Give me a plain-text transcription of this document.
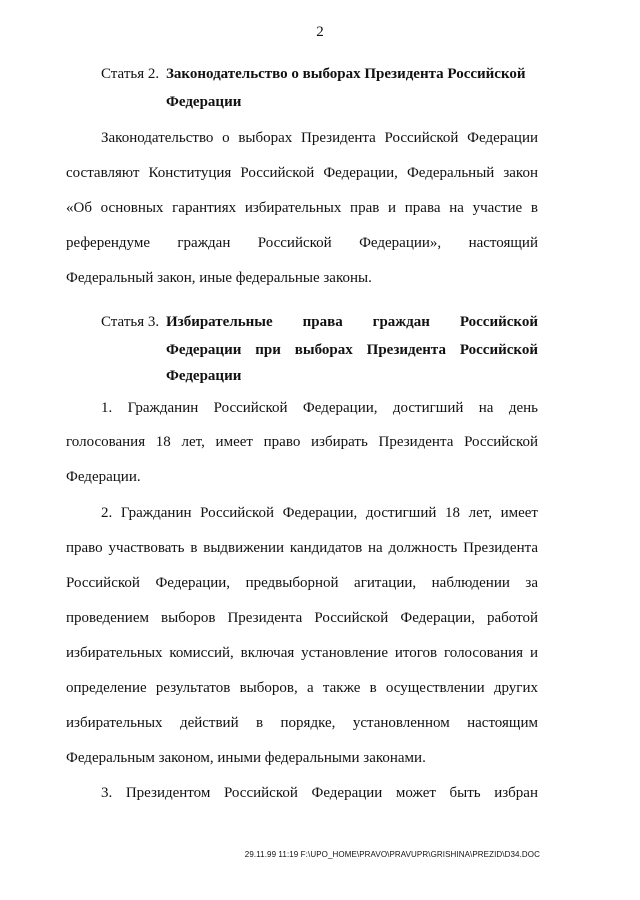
2
Статья 2. Законодательство о выборах Президента Российской
Федерации
Законодательство о выборах Президента Российской Федерации
составляют Конституция Российской Федерации, Федеральный закон
«Об основных гарантиях избирательных прав и права на участие в
референдуме граждан Российской Федерации», настоящий
Федеральный закон, иные федеральные законы.
Статья 3. Избирательные права граждан Российской
Федерации при выборах Президента Российской
Федерации
1. Гражданин Российской Федерации, достигший на день
голосования 18 лет, имеет право избирать Президента Российской
Федерации.
2. Гражданин Российской Федерации, достигший 18 лет, имеет
право участвовать в выдвижении кандидатов на должность Президента
Российской Федерации, предвыборной агитации, наблюдении за
проведением выборов Президента Российской Федерации, работой
избирательных комиссий, включая установление итогов голосования и
определение результатов выборов, а также в осуществлении других
избирательных действий в порядке, установленном настоящим
Федеральным законом, иными федеральными законами.
3. Президентом Российской Федерации может быть избран
29.11.99 11:19 F:\UPO_HOME\PRAVO\PRAVUPR\GRISHINA\PREZID\D34.DOC
